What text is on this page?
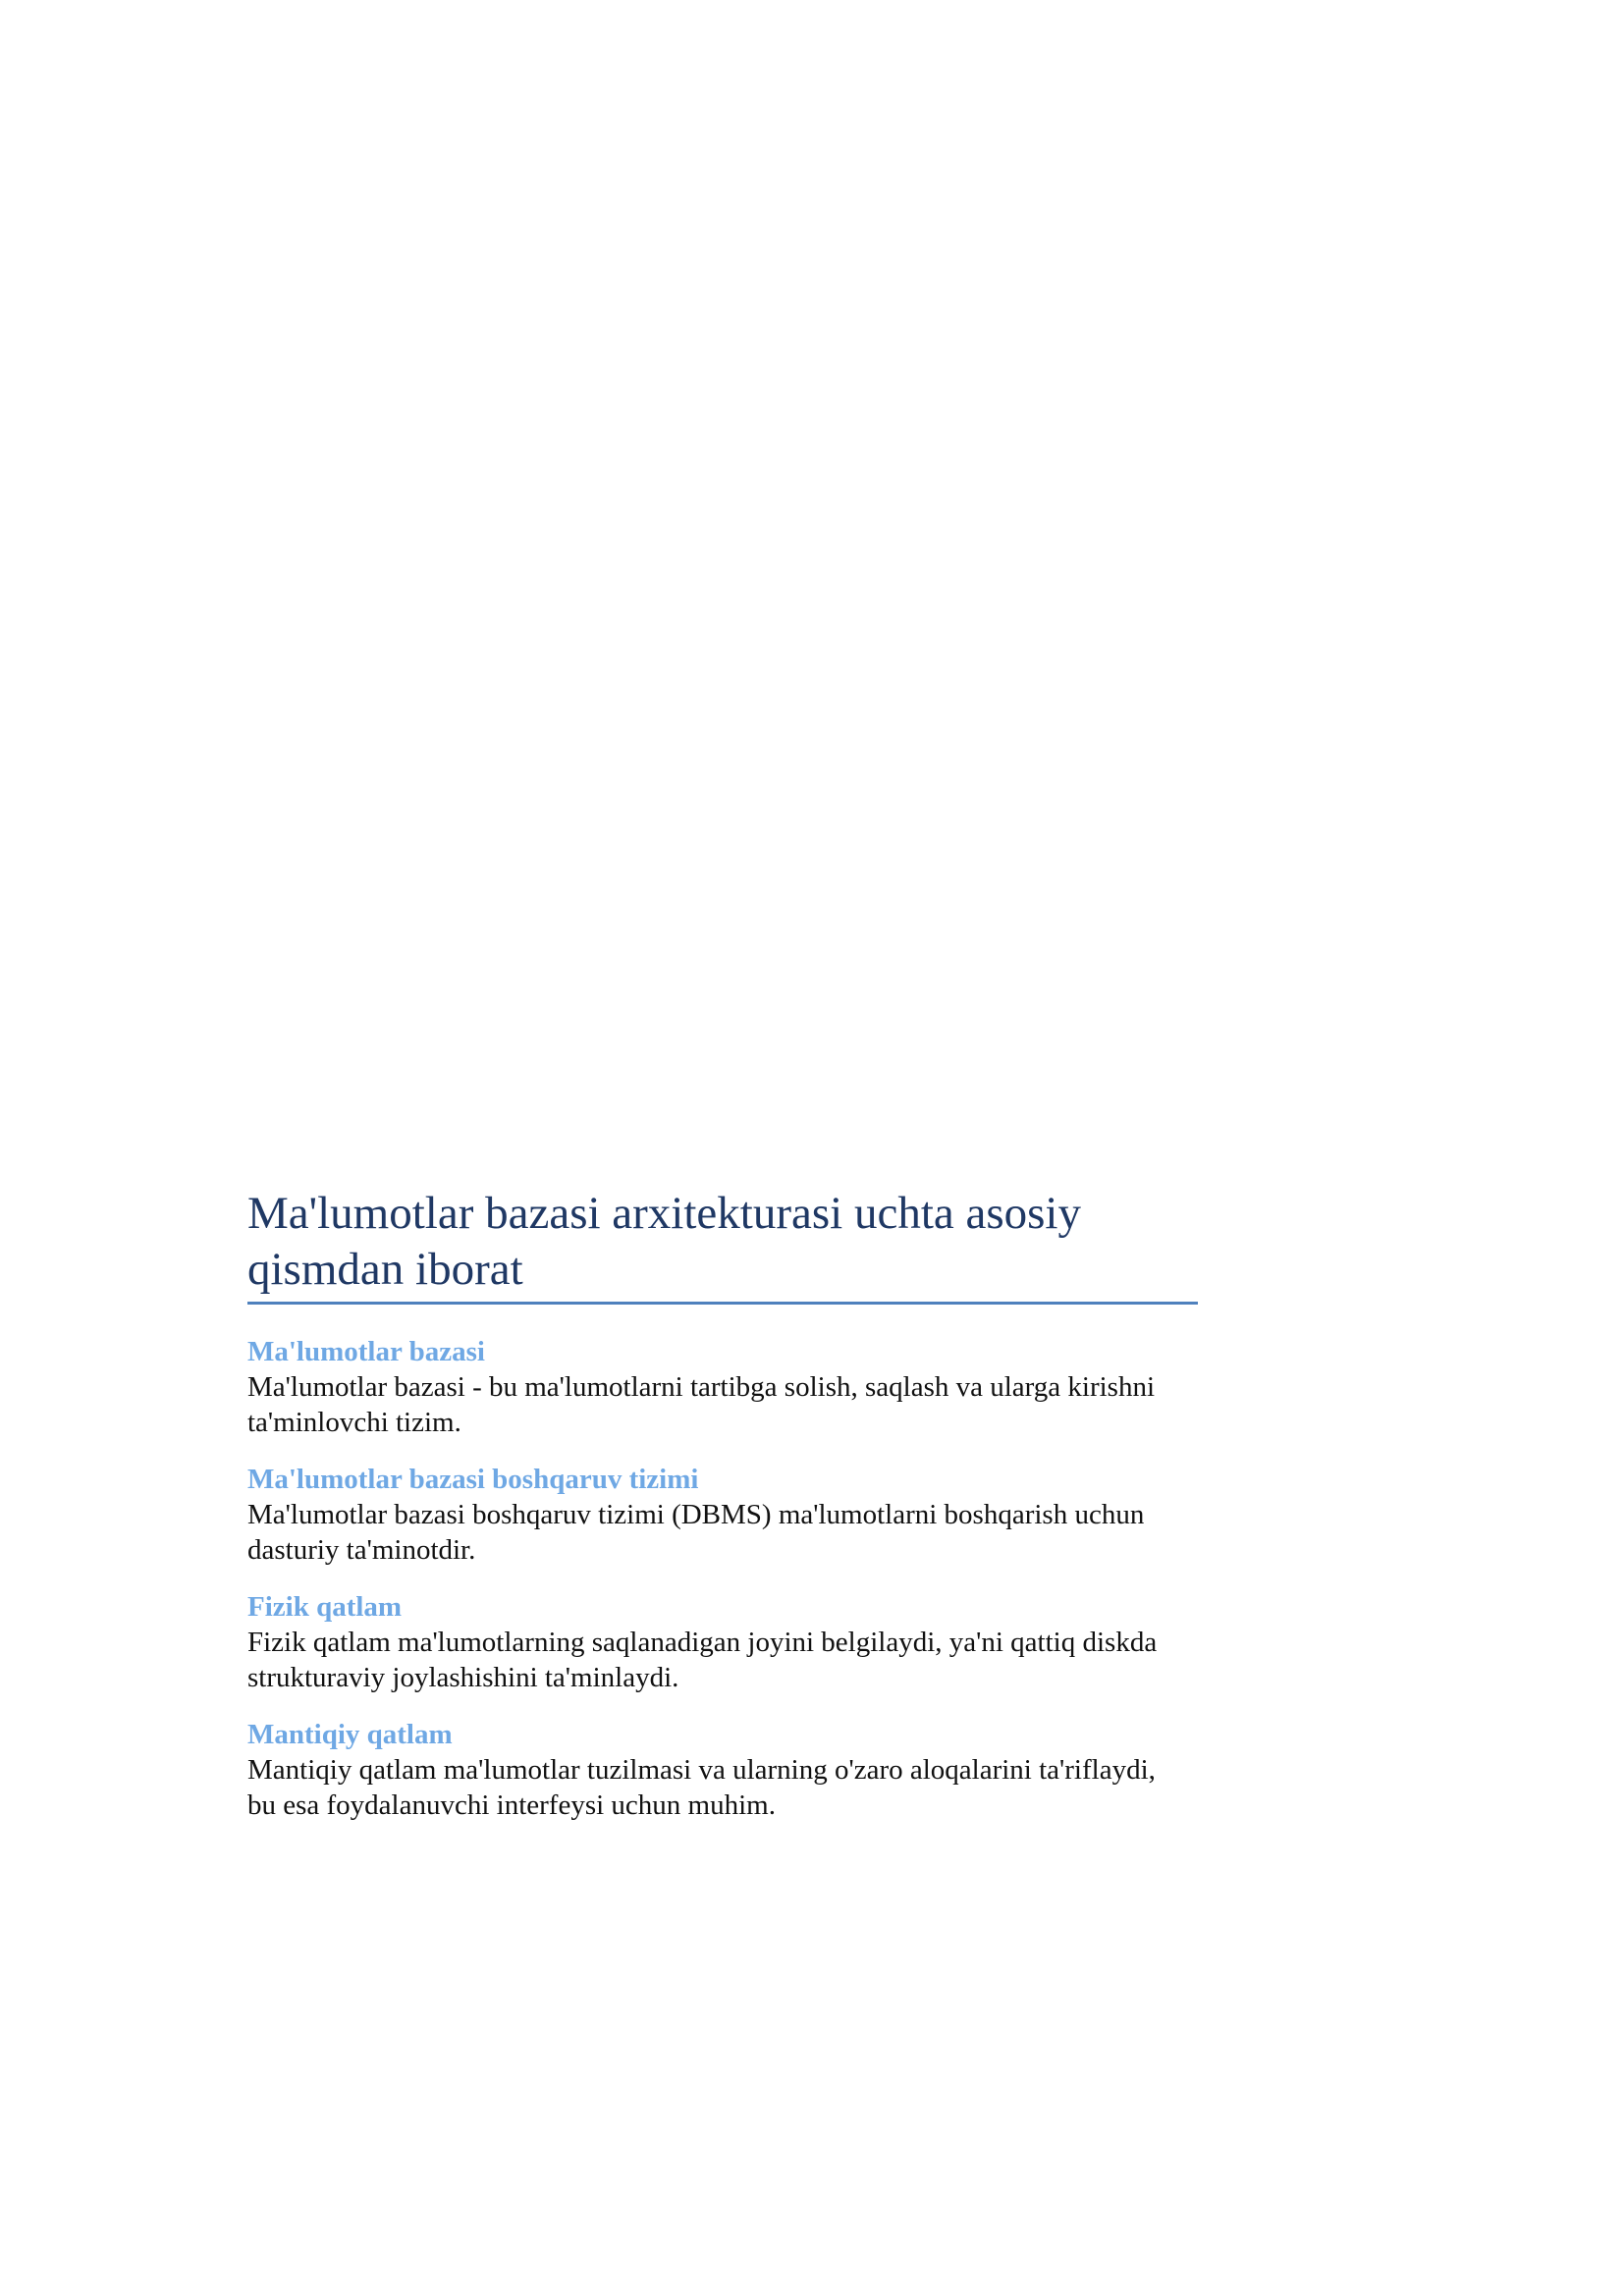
Ma'lumotlar bazasi arxitekturasi uchta asosiy qismdan iborat
Ma'lumotlar bazasi

Ma'lumotlar bazasi - bu ma'lumotlarni tartibga solish, saqlash va ularga kirishni ta'minlovchi tizim.

Ma'lumotlar bazasi boshqaruv tizimi

Ma'lumotlar bazasi boshqaruv tizimi (DBMS) ma'lumotlarni boshqarish uchun dasturiy ta'minotdir.

Fizik qatlam

Fizik qatlam ma'lumotlarning saqlanadigan joyini belgilaydi, ya'ni qattiq diskda strukturaviy joylashishini ta'minlaydi.

Mantiqiy qatlam

Mantiqiy qatlam ma'lumotlar tuzilmasi va ularning o'zaro aloqalarini ta'riflaydi, bu esa foydalanuvchi interfeysi uchun muhim.
